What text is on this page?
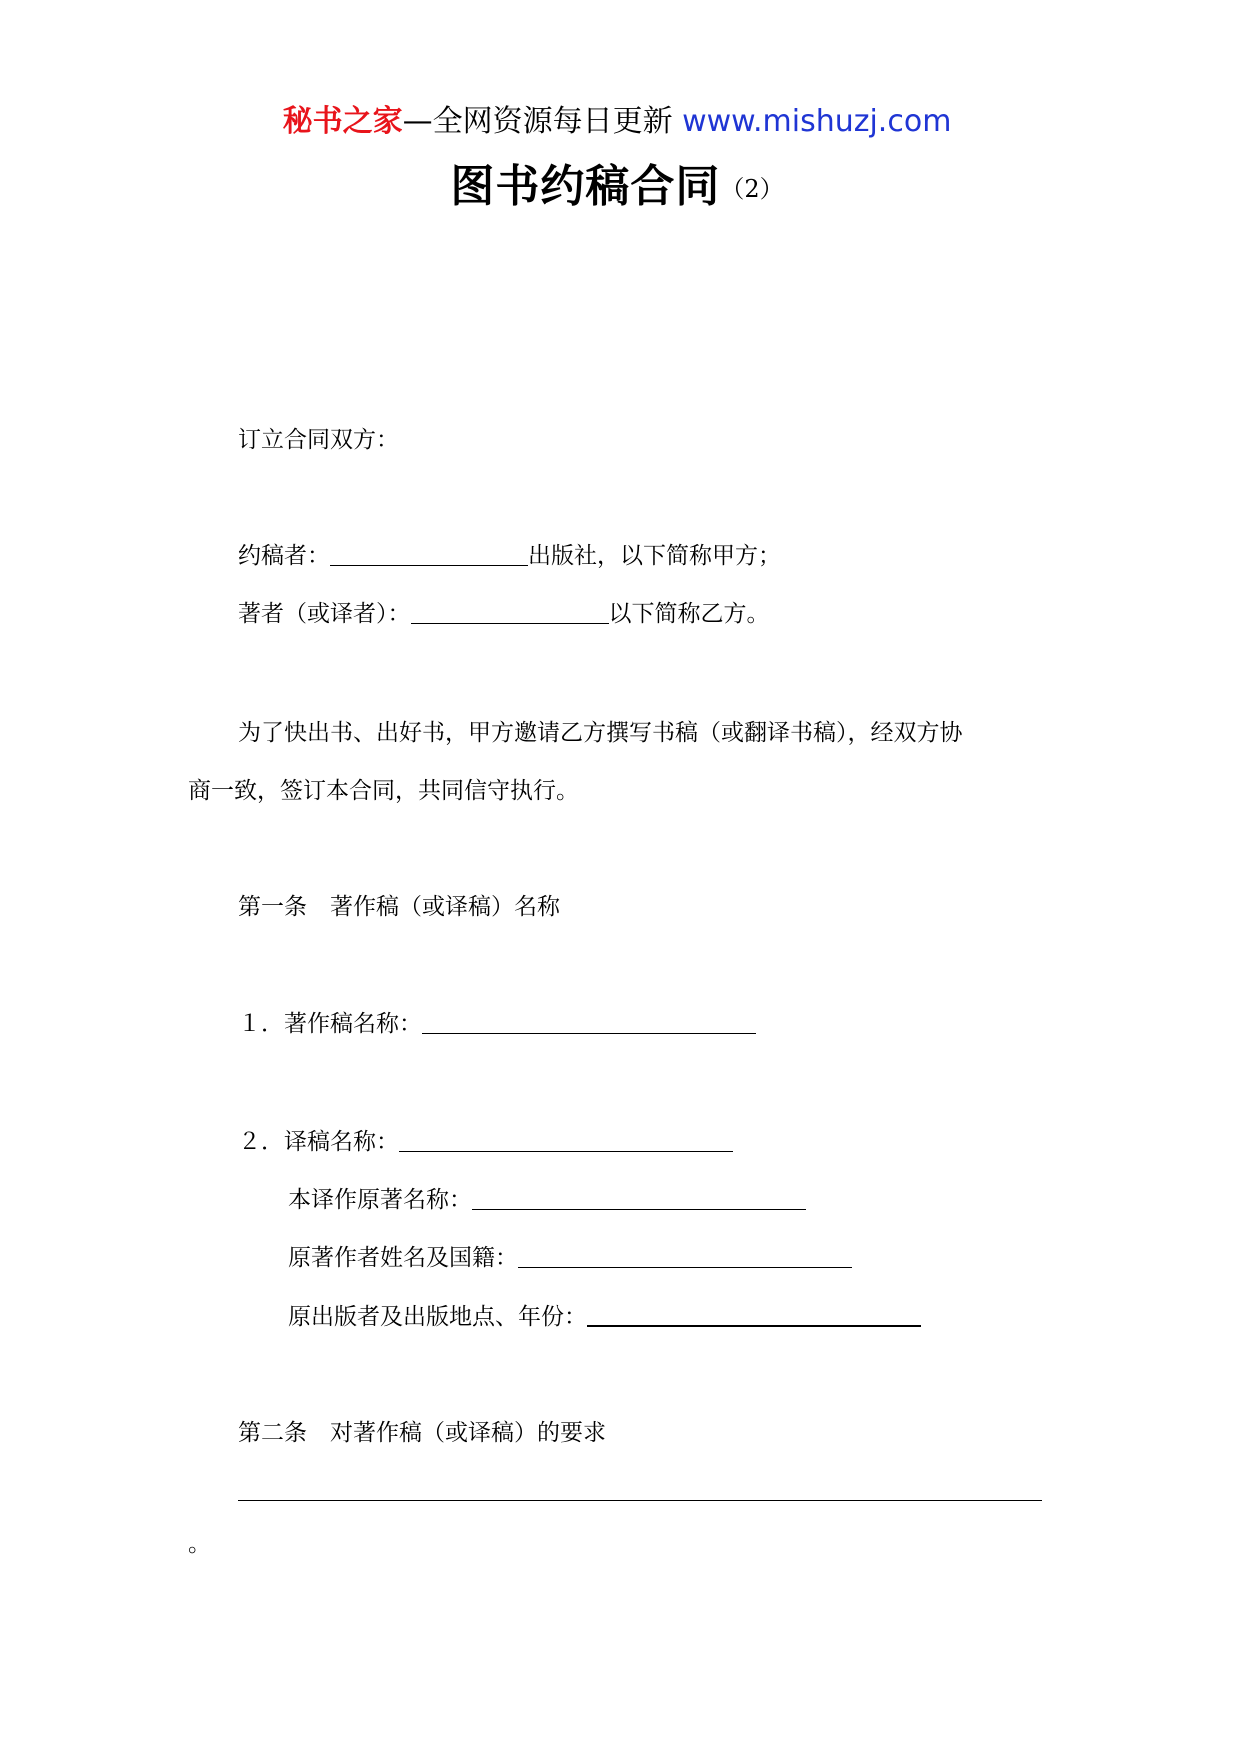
秘书之家—全网资源每日更新 www.mishuzj.com
图书约稿合同（2）
订立合同双方：
约稿者：	出版社，以下简称甲方；
著者（或译者）：	以下简称乙方。
为了快出书、出好书，甲方邀请乙方撰写书稿（或翻译书稿），经双方协
商一致，签订本合同，共同信守执行。
第一条　著作稿（或译稿）名称
１．著作稿名称：
２．译稿名称：
本译作原著名称：
原著作者姓名及国籍：
原出版者及出版地点、年份：
第二条　对著作稿（或译稿）的要求
。
